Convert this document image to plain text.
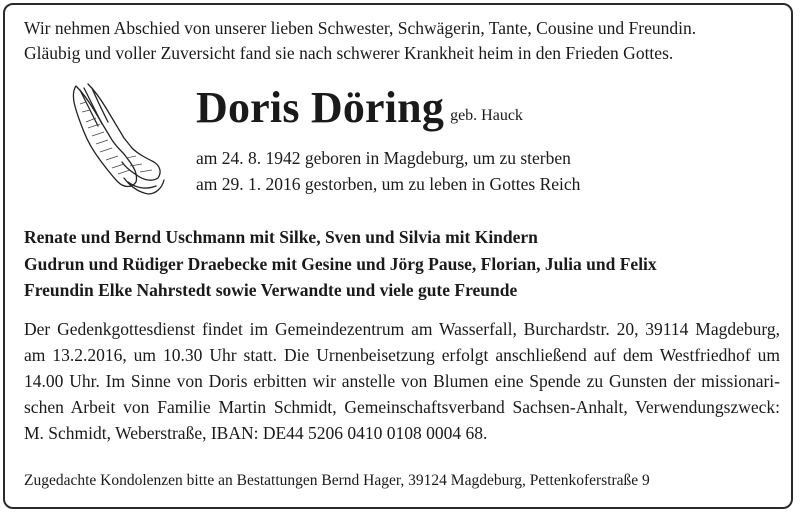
Wir nehmen Abschied von unserer lieben Schwester, Schwägerin, Tante, Cousine und Freundin.
Gläubig und voller Zuversicht fand sie nach schwerer Krankheit heim in den Frieden Gottes.
Doris Döring geb. Hauck
am 24. 8. 1942 geboren in Magdeburg, um zu sterben
am 29. 1. 2016 gestorben, um zu leben in Gottes Reich
Renate und Bernd Uschmann mit Silke, Sven und Silvia mit Kindern
Gudrun und Rüdiger Draebecke mit Gesine und Jörg Pause, Florian, Julia und Felix
Freundin Elke Nahrstedt sowie Verwandte und viele gute Freunde
Der Gedenkgottesdienst findet im Gemeindezentrum am Wasserfall, Burchardstr. 20, 39114 Magdeburg,
am 13.2.2016, um 10.30 Uhr statt. Die Urnenbeisetzung erfolgt anschließend auf dem Westfriedhof um
14.00 Uhr. Im Sinne von Doris erbitten wir anstelle von Blumen eine Spende zu Gunsten der missionari-
schen Arbeit von Familie Martin Schmidt, Gemeinschaftsverband Sachsen-Anhalt, Verwendungszweck:
M. Schmidt, Weberstraße, IBAN: DE44 5206 0410 0108 0004 68.
Zugedachte Kondolenzen bitte an Bestattungen Bernd Hager, 39124 Magdeburg, Pettenkoferstraße 9
